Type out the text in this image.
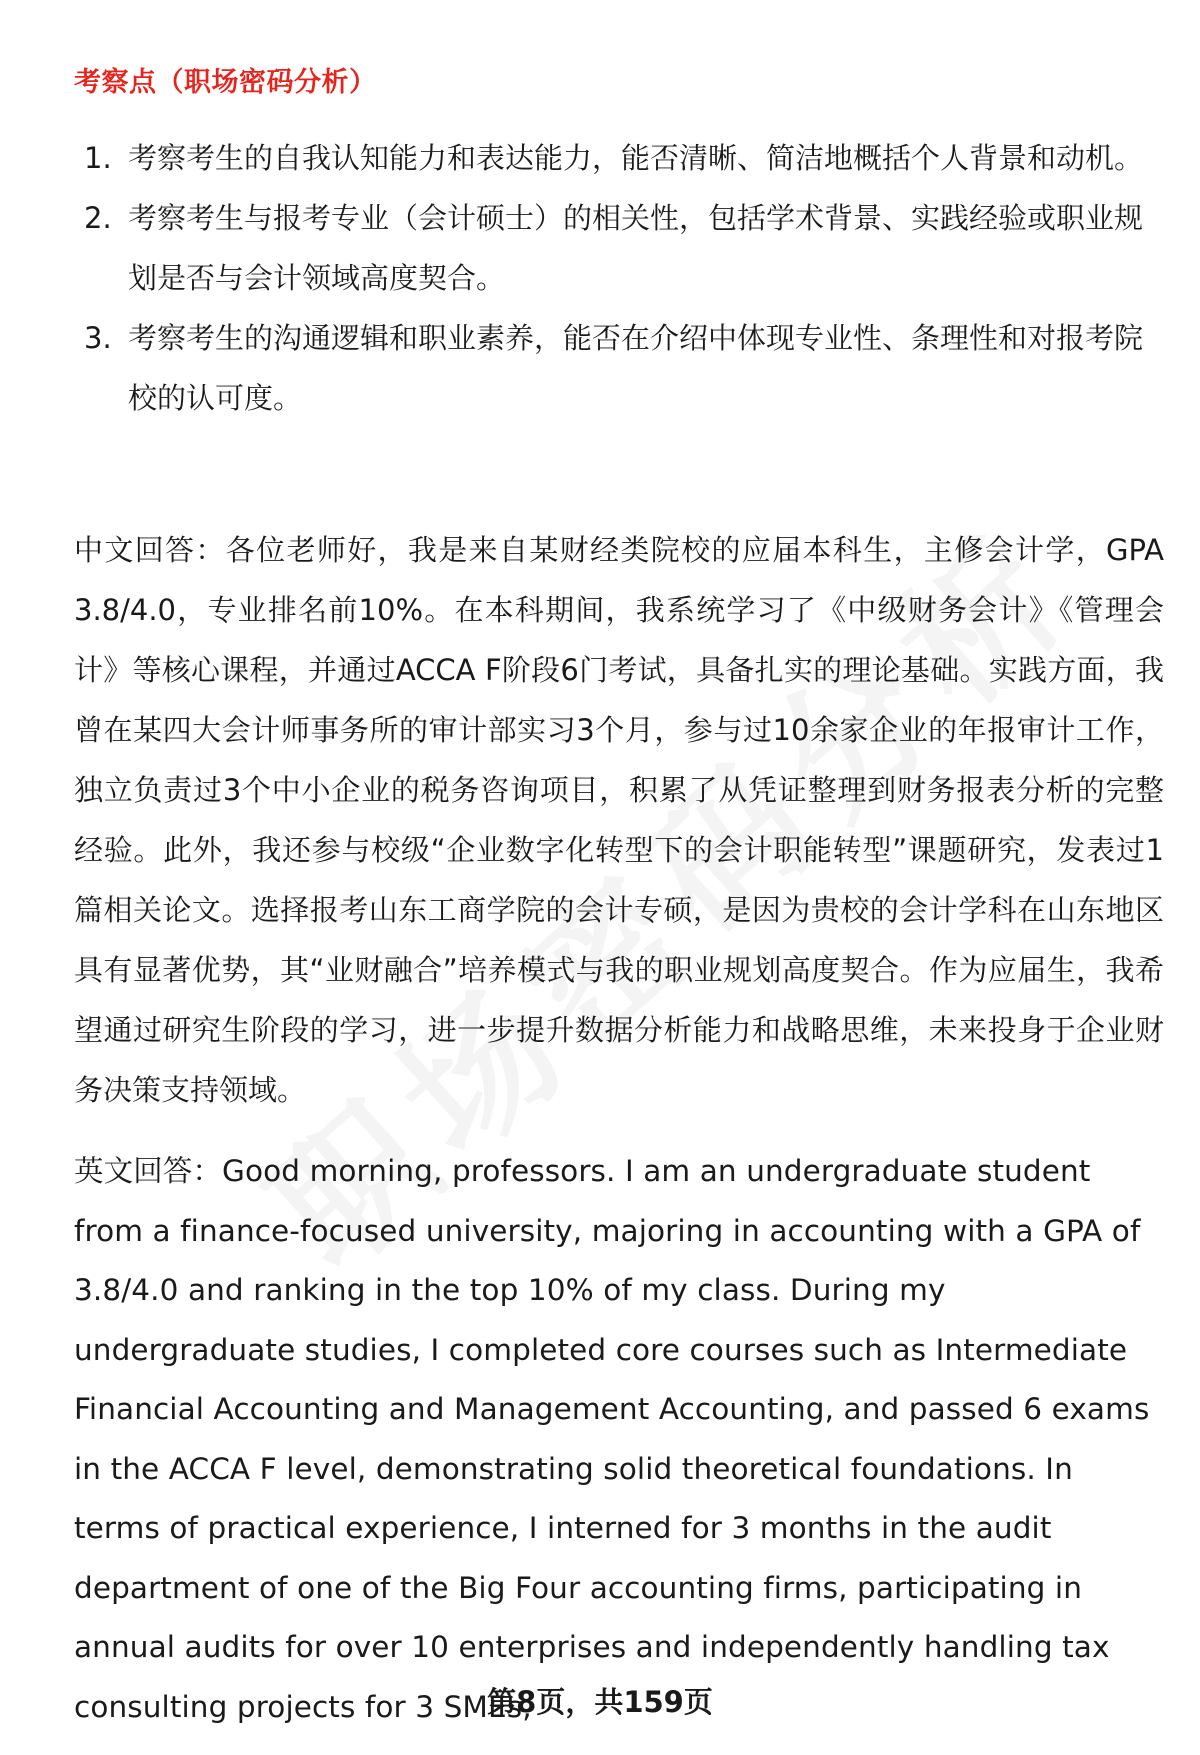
考察点（职场密码分析）
1. 考察考生的自我认知能力和表达能力，能否清晰、简洁地概括个人背景和动机。
2. 考察考生与报考专业（会计硕士）的相关性，包括学术背景、实践经验或职业规划是否与会计领域高度契合。
3. 考察考生的沟通逻辑和职业素养，能否在介绍中体现专业性、条理性和对报考院校的认可度。

中文回答：各位老师好，我是来自某财经类院校的应届本科生，主修会计学，GPA 3.8/4.0，专业排名前10%。在本科期间，我系统学习了《中级财务会计》《管理会计》等核心课程，并通过ACCA F阶段6门考试，具备扎实的理论基础。实践方面，我曾在某四大会计师事务所的审计部实习3个月，参与过10余家企业的年报审计工作，独立负责过3个中小企业的税务咨询项目，积累了从凭证整理到财务报表分析的完整经验。此外，我还参与校级“企业数字化转型下的会计职能转型”课题研究，发表过1篇相关论文。选择报考山东工商学院的会计专硕，是因为贵校的会计学科在山东地区具有显著优势，其“业财融合”培养模式与我的职业规划高度契合。作为应届生，我希望通过研究生阶段的学习，进一步提升数据分析能力和战略思维，未来投身于企业财务决策支持领域。

英文回答：Good morning, professors. I am an undergraduate student from a finance-focused university, majoring in accounting with a GPA of 3.8/4.0 and ranking in the top 10% of my class. During my undergraduate studies, I completed core courses such as Intermediate Financial Accounting and Management Accounting, and passed 6 exams in the ACCA F level, demonstrating solid theoretical foundations. In terms of practical experience, I interned for 3 months in the audit department of one of the Big Four accounting firms, participating in annual audits for over 10 enterprises and independently handling tax consulting projects for 3 SMEs,

第8页，共159页
